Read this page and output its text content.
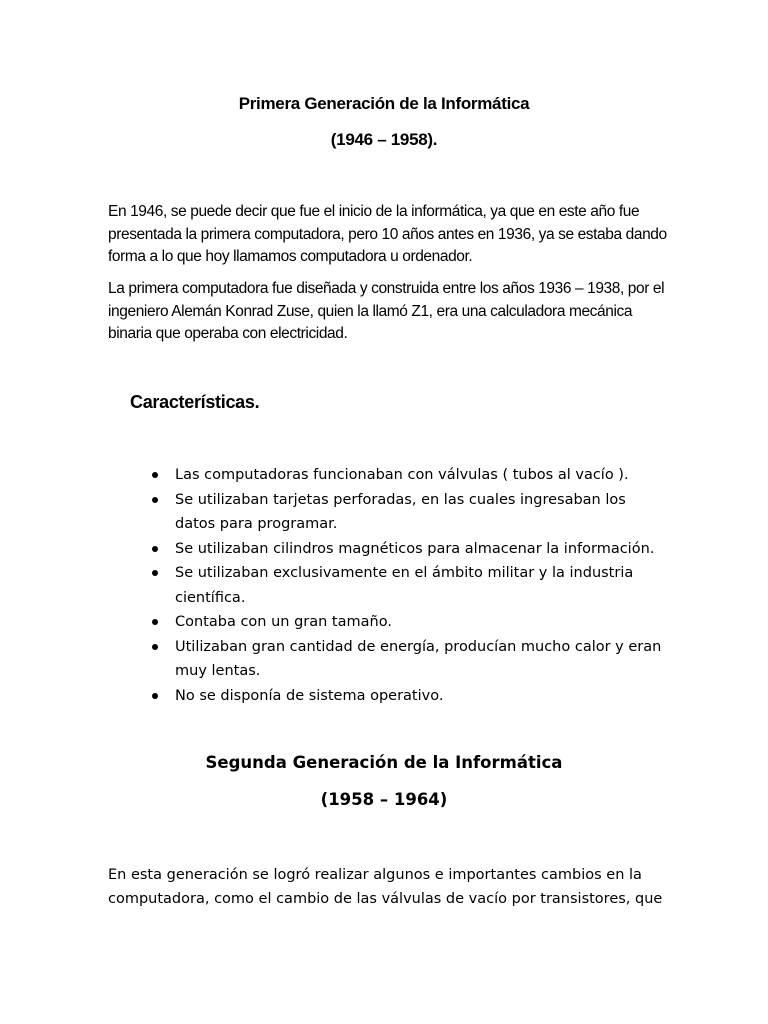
Primera Generación de la Informática
(1946 – 1958).
En 1946, se puede decir que fue el inicio de la informática, ya que en este año fue presentada la primera computadora, pero 10 años antes en 1936, ya se estaba dando forma a lo que hoy llamamos computadora u ordenador.
La primera computadora fue diseñada y construida entre los años 1936 – 1938, por el ingeniero Alemán Konrad Zuse, quien la llamó Z1, era una calculadora mecánica binaria que operaba con electricidad.
Características.
Las computadoras funcionaban con válvulas ( tubos al vacío ).
Se utilizaban tarjetas perforadas, en las cuales ingresaban los datos para programar.
Se utilizaban cilindros magnéticos para almacenar la información.
Se utilizaban exclusivamente en el ámbito militar y la industria científica.
Contaba con un gran tamaño.
Utilizaban gran cantidad de energía, producían mucho calor y eran muy lentas.
No se disponía de sistema operativo.
Segunda Generación de la Informática
(1958 – 1964)
En esta generación se logró realizar algunos e importantes cambios en la computadora, como el cambio de las válvulas de vacío por transistores, que
